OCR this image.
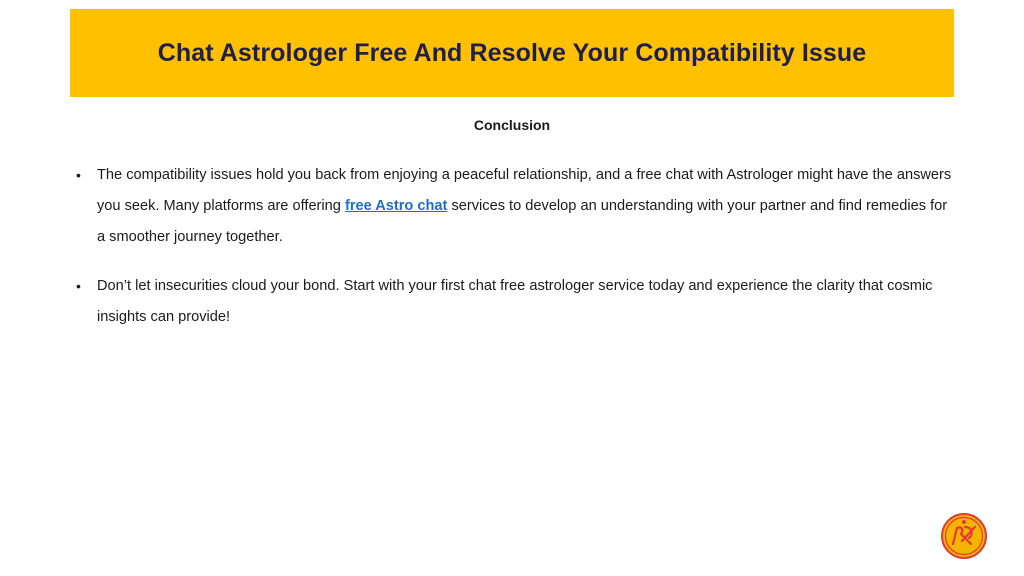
Chat Astrologer Free And Resolve Your Compatibility Issue
Conclusion
• The compatibility issues hold you back from enjoying a peaceful relationship, and a free chat with Astrologer might have the answers you seek. Many platforms are offering free Astro chat services to develop an understanding with your partner and find remedies for a smoother journey together.
• Don’t let insecurities cloud your bond. Start with your first chat free astrologer service today and experience the clarity that cosmic insights can provide!
